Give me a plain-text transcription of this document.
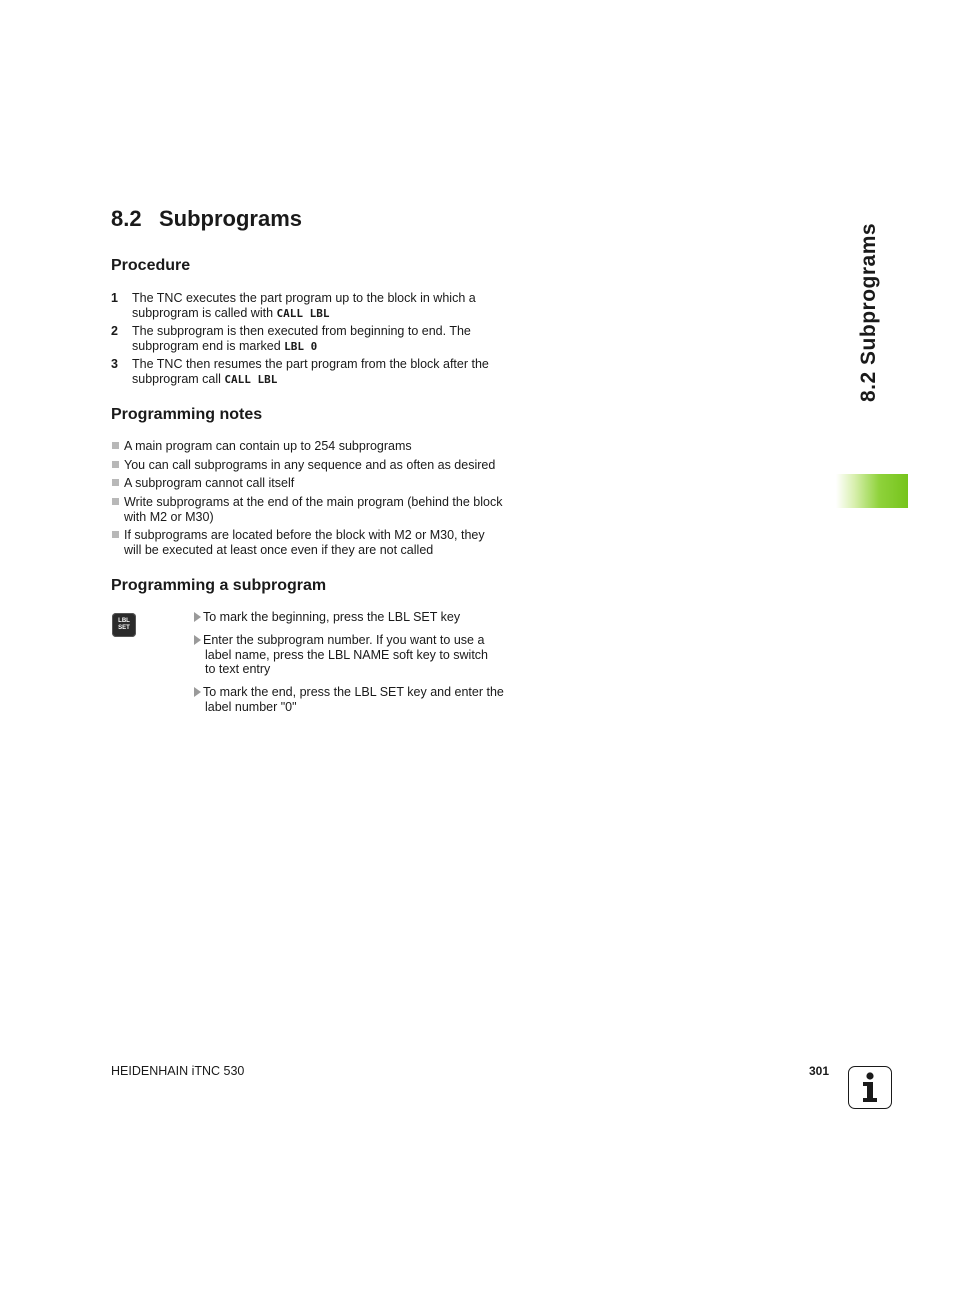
8.2 Subprograms
8.2 Subprograms
Procedure
1 The TNC executes the part program up to the block in which a
subprogram is called with CALL LBL
2 The subprogram is then executed from beginning to end. The
subprogram end is marked LBL 0
3 The TNC then resumes the part program from the block after the
subprogram call CALL LBL
Programming notes
A main program can contain up to 254 subprograms
You can call subprograms in any sequence and as often as desired
A subprogram cannot call itself
Write subprograms at the end of the main program (behind the block
with M2 or M30)
If subprograms are located before the block with M2 or M30, they
will be executed at least once even if they are not called
Programming a subprogram
LBL
SET
To mark the beginning, press the LBL SET key
Enter the subprogram number. If you want to use a
label name, press the LBL NAME soft key to switch
to text entry
To mark the end, press the LBL SET key and enter the
label number "0"
HEIDENHAIN iTNC 530	301
